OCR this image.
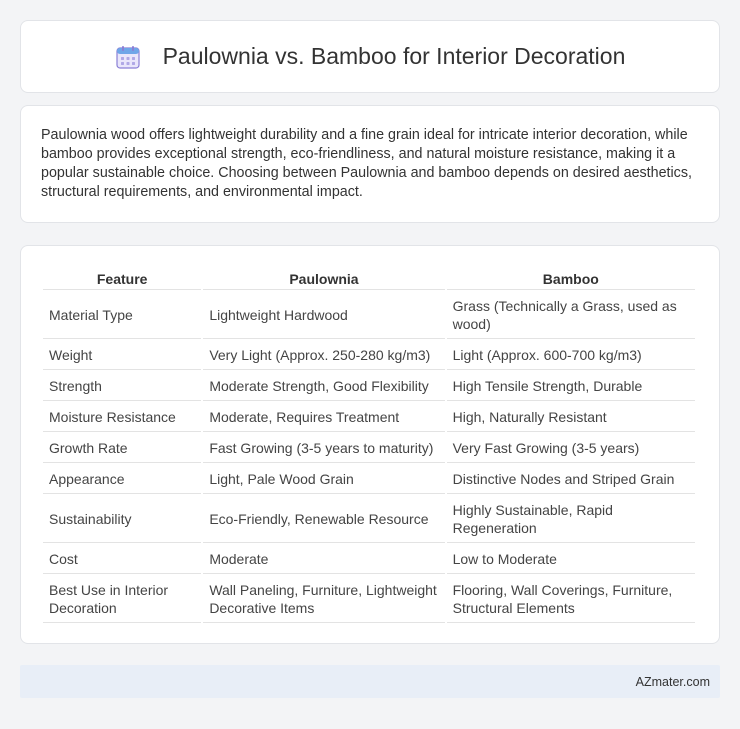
Paulownia vs. Bamboo for Interior Decoration

Paulownia wood offers lightweight durability and a fine grain ideal for intricate interior decoration, while bamboo provides exceptional strength, eco-friendliness, and natural moisture resistance, making it a popular sustainable choice. Choosing between Paulownia and bamboo depends on desired aesthetics, structural requirements, and environmental impact.

Feature	Paulownia	Bamboo
Material Type	Lightweight Hardwood	Grass (Technically a Grass, used as wood)
Weight	Very Light (Approx. 250-280 kg/m3)	Light (Approx. 600-700 kg/m3)
Strength	Moderate Strength, Good Flexibility	High Tensile Strength, Durable
Moisture Resistance	Moderate, Requires Treatment	High, Naturally Resistant
Growth Rate	Fast Growing (3-5 years to maturity)	Very Fast Growing (3-5 years)
Appearance	Light, Pale Wood Grain	Distinctive Nodes and Striped Grain
Sustainability	Eco-Friendly, Renewable Resource	Highly Sustainable, Rapid Regeneration
Cost	Moderate	Low to Moderate
Best Use in Interior Decoration	Wall Paneling, Furniture, Lightweight Decorative Items	Flooring, Wall Coverings, Furniture, Structural Elements
AZmater.com
